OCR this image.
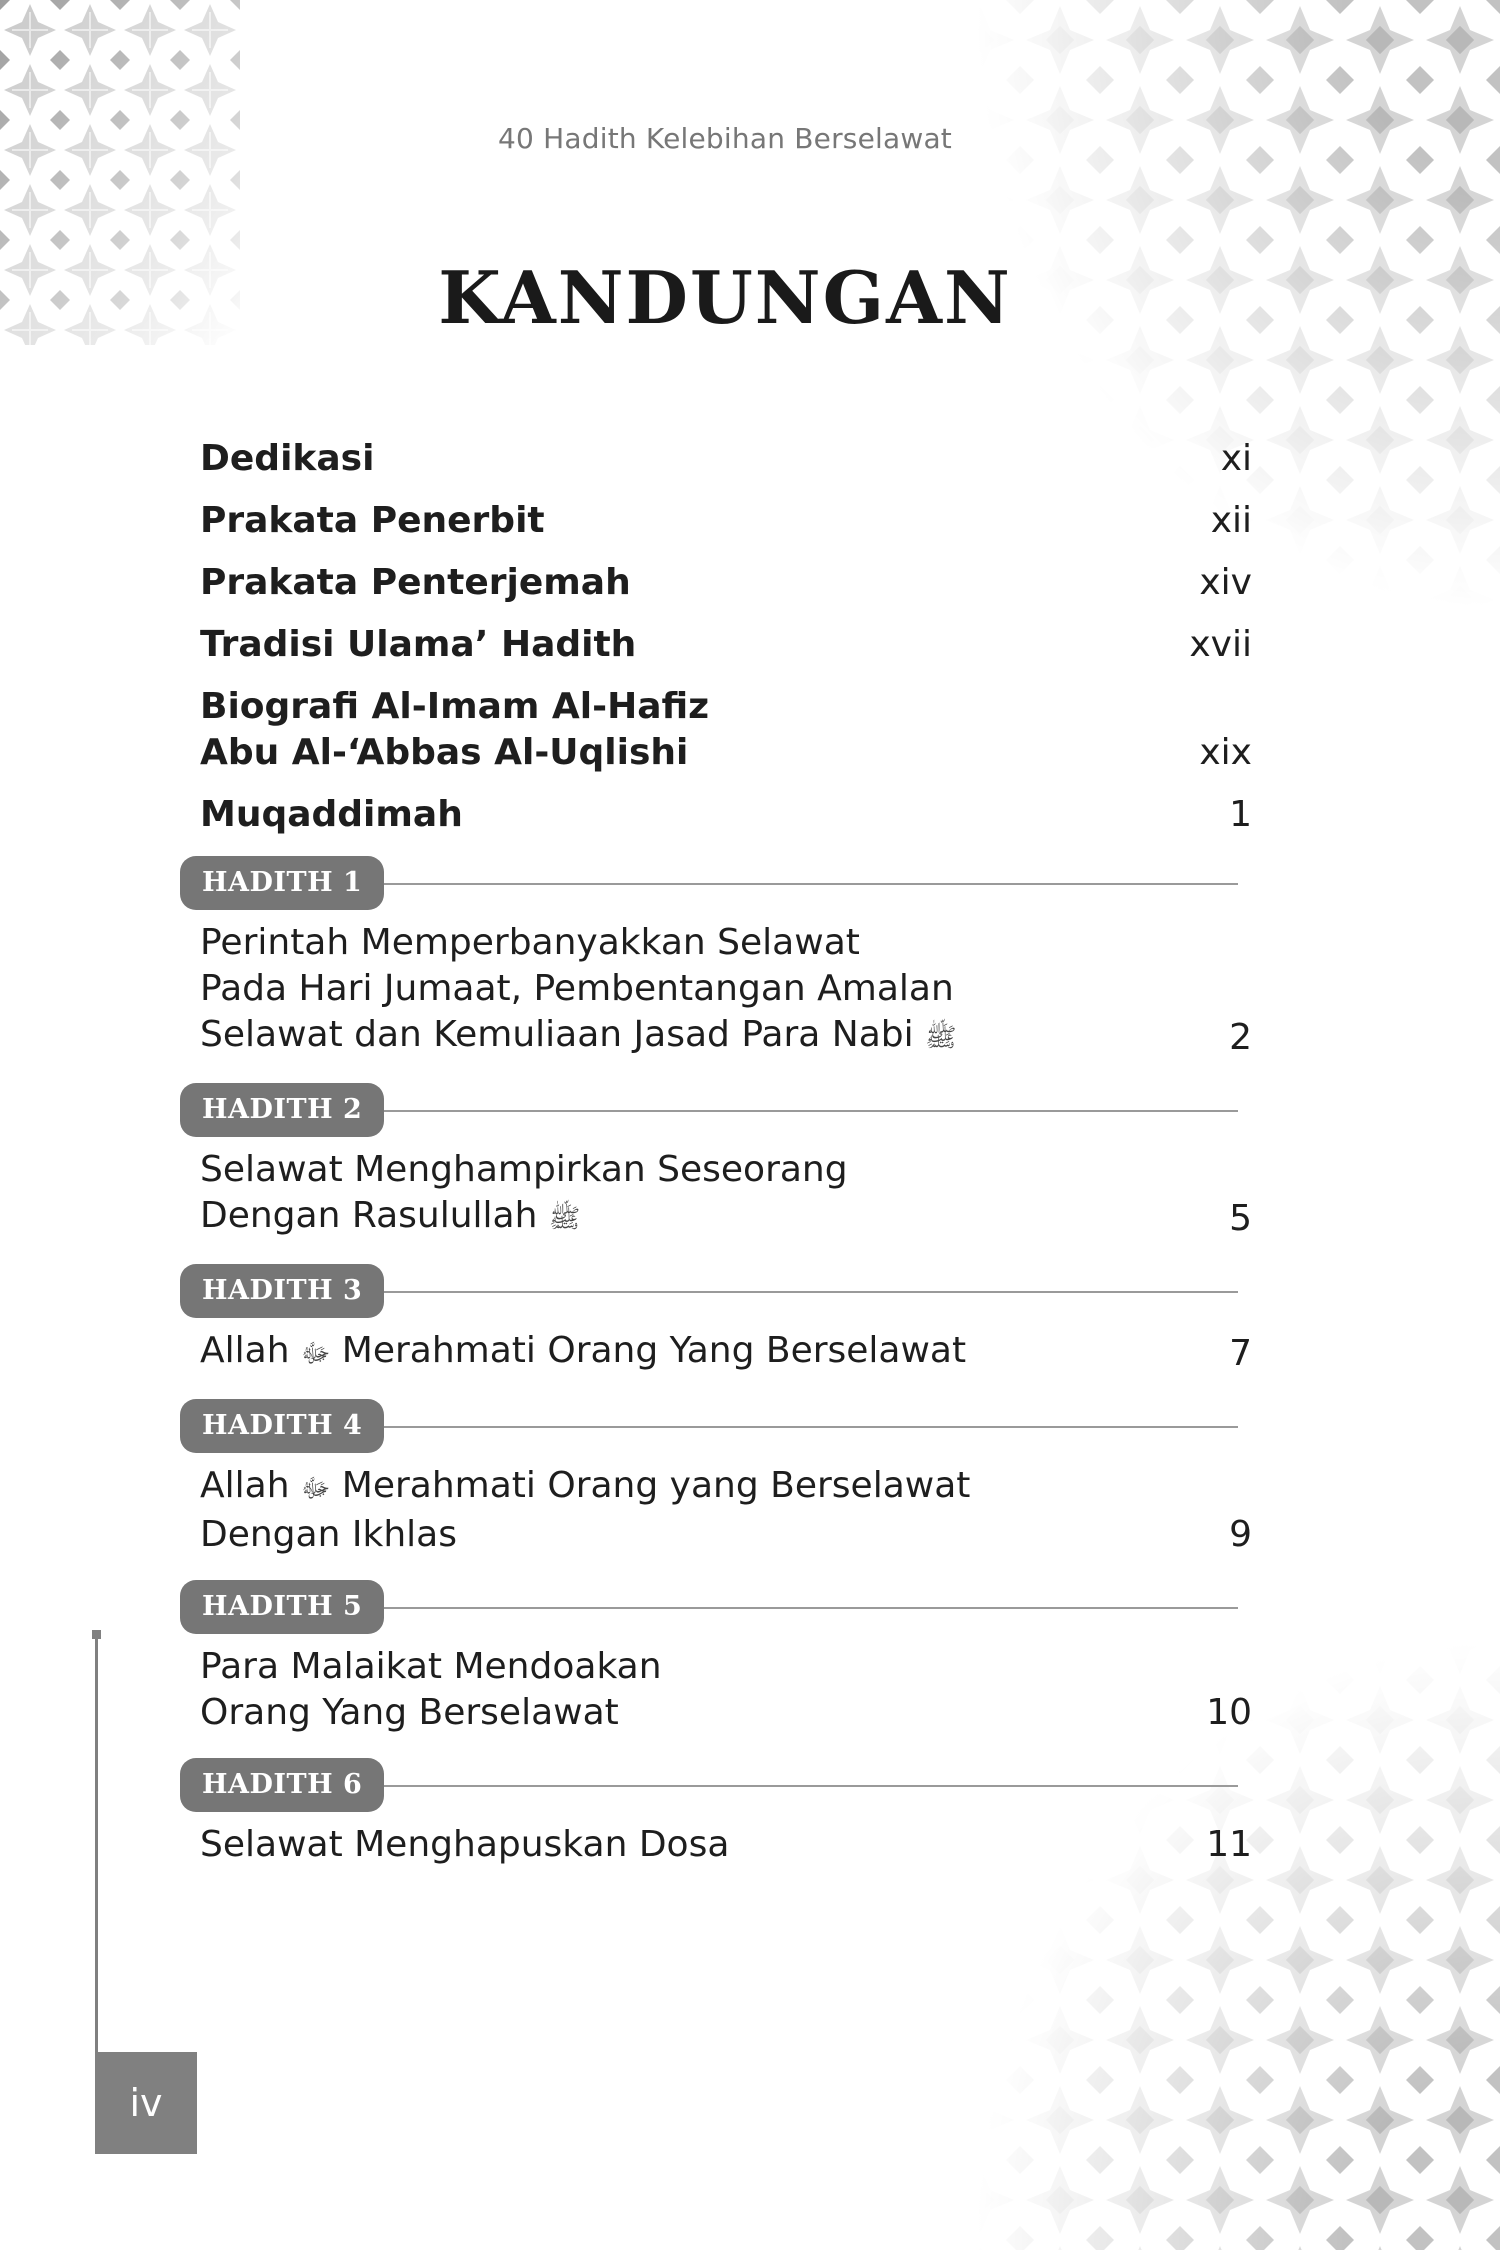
40 Hadith Kelebihan Berselawat
KANDUNGAN
Dedikasi	xi
Prakata Penerbit	xii
Prakata Penterjemah	xiv
Tradisi Ulama’ Hadith	xvii
Biografi Al-Imam Al-Hafiz
Abu Al-‘Abbas Al-Uqlishi	xix
Muqaddimah	1
HADITH 1
Perintah Memperbanyakkan Selawat
Pada Hari Jumaat, Pembentangan Amalan
Selawat dan Kemuliaan Jasad Para Nabi ﷺ	2
HADITH 2
Selawat Menghampirkan Seseorang
Dengan Rasulullah ﷺ	5
HADITH 3
Allah ﷻ Merahmati Orang Yang Berselawat	7
HADITH 4
Allah ﷻ Merahmati Orang yang Berselawat
Dengan Ikhlas	9
HADITH 5
Para Malaikat Mendoakan
Orang Yang Berselawat	10
HADITH 6
Selawat Menghapuskan Dosa	11
iv
